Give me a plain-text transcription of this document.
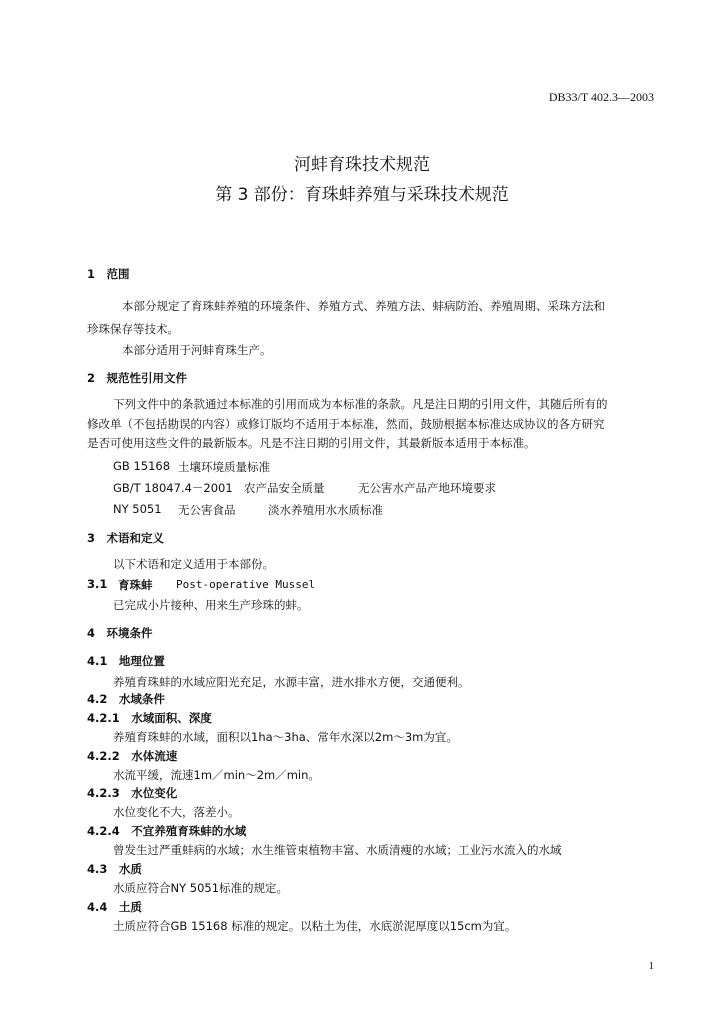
DB33/T 402.3—2003
河蚌育珠技术规范
第 3 部份：育珠蚌养殖与采珠技术规范
1　范围
本部分规定了育珠蚌养殖的环境条件、养殖方式、养殖方法、蚌病防治、养殖周期、采珠方法和
珍珠保存等技术。
本部分适用于河蚌育珠生产。
2　规范性引用文件
下列文件中的条款通过本标准的引用而成为本标准的条款。凡是注日期的引用文件，其随后所有的
修改单（不包括勘误的内容）或修订版均不适用于本标准，然而，鼓励根据本标准达成协议的各方研究
是否可使用这些文件的最新版本。凡是不注日期的引用文件，其最新版本适用于本标准。
GB 15168 土壤环境质量标准
GB/T 18047.4－2001 农产品安全质量	无公害水产品产地环境要求
NY 5051 无公害食品	淡水养殖用水水质标准
3　术语和定义
以下术语和定义适用于本部份。
3.1 育珠蚌 Post-operative Mussel
已完成小片接种、用来生产珍珠的蚌。
4　环境条件
4.1　地理位置
养殖育珠蚌的水域应阳光充足，水源丰富，进水排水方便，交通便利。
4.2　水域条件
4.2.1　水域面积、深度
养殖育珠蚌的水域，面积以1ha～3ha、常年水深以2m～3m为宜。
4.2.2　水体流速
水流平缓，流速1m／min～2m／min。
4.2.3　水位变化
水位变化不大，落差小。
4.2.4　不宜养殖育珠蚌的水域
曾发生过严重蚌病的水域；水生维管束植物丰富、水质清瘦的水域；工业污水流入的水域
4.3　水质
水质应符合NY 5051标准的规定。
4.4　土质
土质应符合GB 15168 标准的规定。以粘土为佳，水底淤泥厚度以15cm为宜。
1
